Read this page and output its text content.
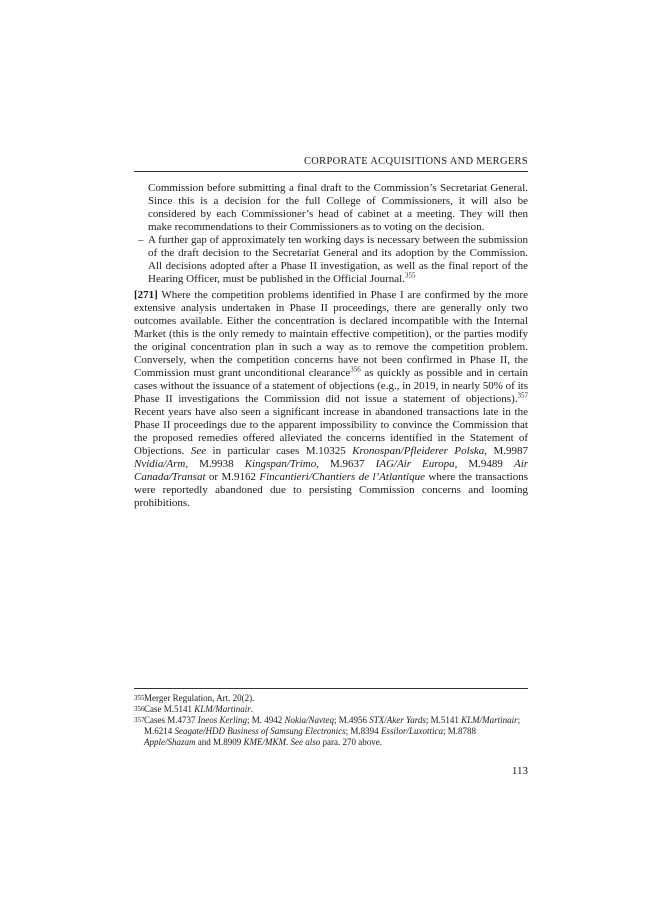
CORPORATE ACQUISITIONS AND MERGERS

Commission before submitting a final draft to the Commission’s Secretariat General. Since this is a decision for the full College of Commissioners, it will also be considered by each Commissioner’s head of cabinet at a meeting. They will then make recommendations to their Commissioners as to voting on the decision.

– A further gap of approximately ten working days is necessary between the submission of the draft decision to the Secretariat General and its adoption by the Commission. All decisions adopted after a Phase II investigation, as well as the final report of the Hearing Officer, must be published in the Official Journal.$^{355}$

[271] Where the competition problems identified in Phase I are confirmed by the more extensive analysis undertaken in Phase II proceedings, there are generally only two outcomes available. Either the concentration is declared incompatible with the Internal Market (this is the only remedy to maintain effective competition), or the parties modify the original concentration plan in such a way as to remove the competition problem. Conversely, when the competition concerns have not been confirmed in Phase II, the Commission must grant unconditional clearance$^{356}$ as quickly as possible and in certain cases without the issuance of a statement of objections (e.g., in 2019, in nearly 50% of its Phase II investigations the Commission did not issue a statement of objections).$^{357}$ Recent years have also seen a significant increase in abandoned transactions late in the Phase II proceedings due to the apparent impossibility to convince the Commission that the proposed remedies offered alleviated the concerns identified in the Statement of Objections. See in particular cases M.10325 Kronospan/Pfleiderer Polska, M.9987 Nvidia/Arm, M.9938 Kingspan/Trimo, M.9637 IAG/Air Europa, M.9489 Air Canada/Transat or M.9162 Fincantieri/Chantiers de l’Atlantique where the transactions were reportedly abandoned due to persisting Commission concerns and looming prohibitions.

355 Merger Regulation, Art. 20(2).
356 Case M.5141 KLM/Martinair.
357 Cases M.4737 Ineos Kerling; M. 4942 Nokia/Navteq; M.4956 STX/Aker Yards; M.5141 KLM/Martinair; M.6214 Seagate/HDD Business of Samsung Electronics; M.8394 Essilor/Luxottica; M.8788 Apple/Shazam and M.8909 KME/MKM. See also para. 270 above.
113
